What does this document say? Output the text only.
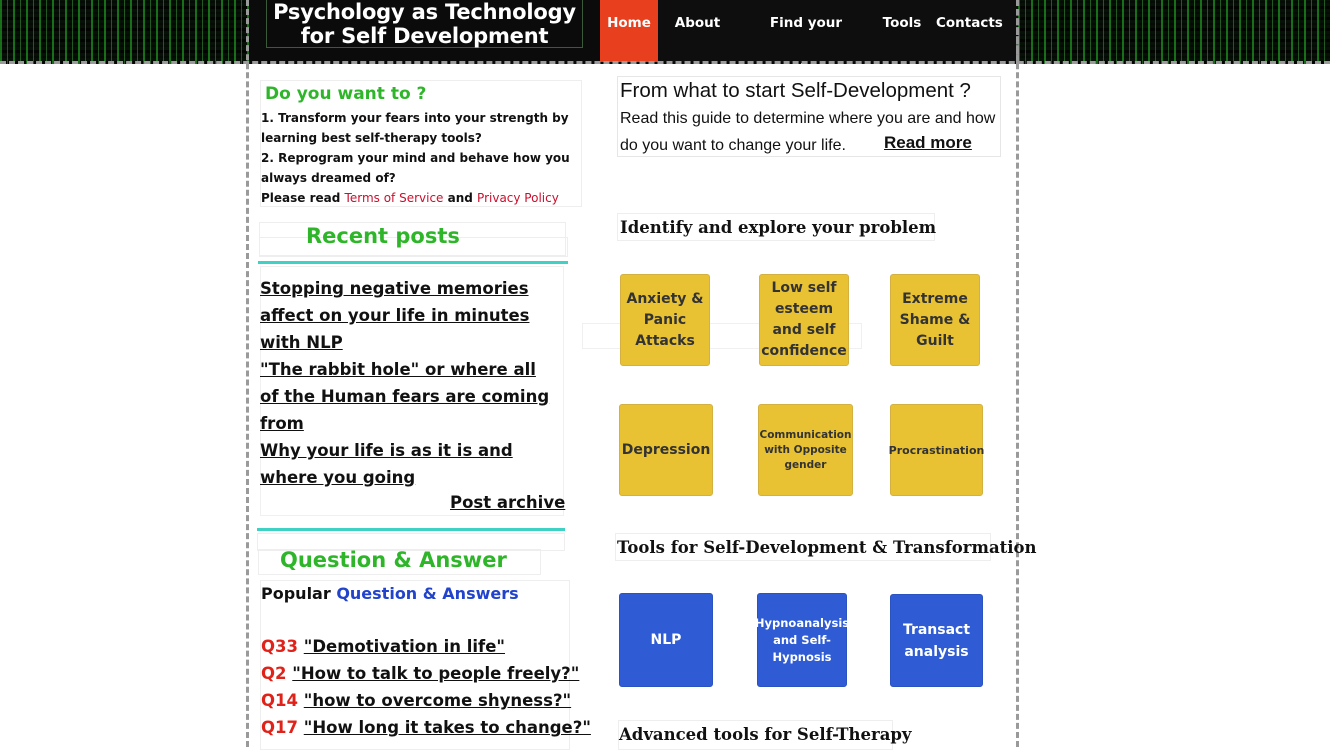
Home	About us
Find your problem
Tools Contacts
Psychology as Technology
for Self Development
Do you want to ?
1. Transform your fears into your strength by learning best self-therapy tools?
2. Reprogram your mind and behave how you always dreamed of?
Please read Terms of Service and Privacy Policy
Recent posts
Stopping negative memories affect on your life in minutes with NLP
"The rabbit hole" or where all of the Human fears are coming from
Why your life is as it is and where you going
Post archive
Question & Answer
Popular Question & Answers
Q33 "Demotivation in life"
Q2 "How to talk to people freely?"
Q14 "how to overcome shyness?"
Q17 "How long it takes to change?"
From what to start Self-Development ?
Read this guide to determine where you are and how do you want to change your life.	Read more
Identify and explore your problem
Anxiety & Panic Attacks
Low self esteem and self confidence
Extreme Shame & Guilt
Depression
Communication with Opposite gender
Procrastination
Tools for Self-Development & Transformation
NLP
Hypnoanalysis and Self-Hypnosis
Transact analysis
Advanced tools for Self-Therapy
